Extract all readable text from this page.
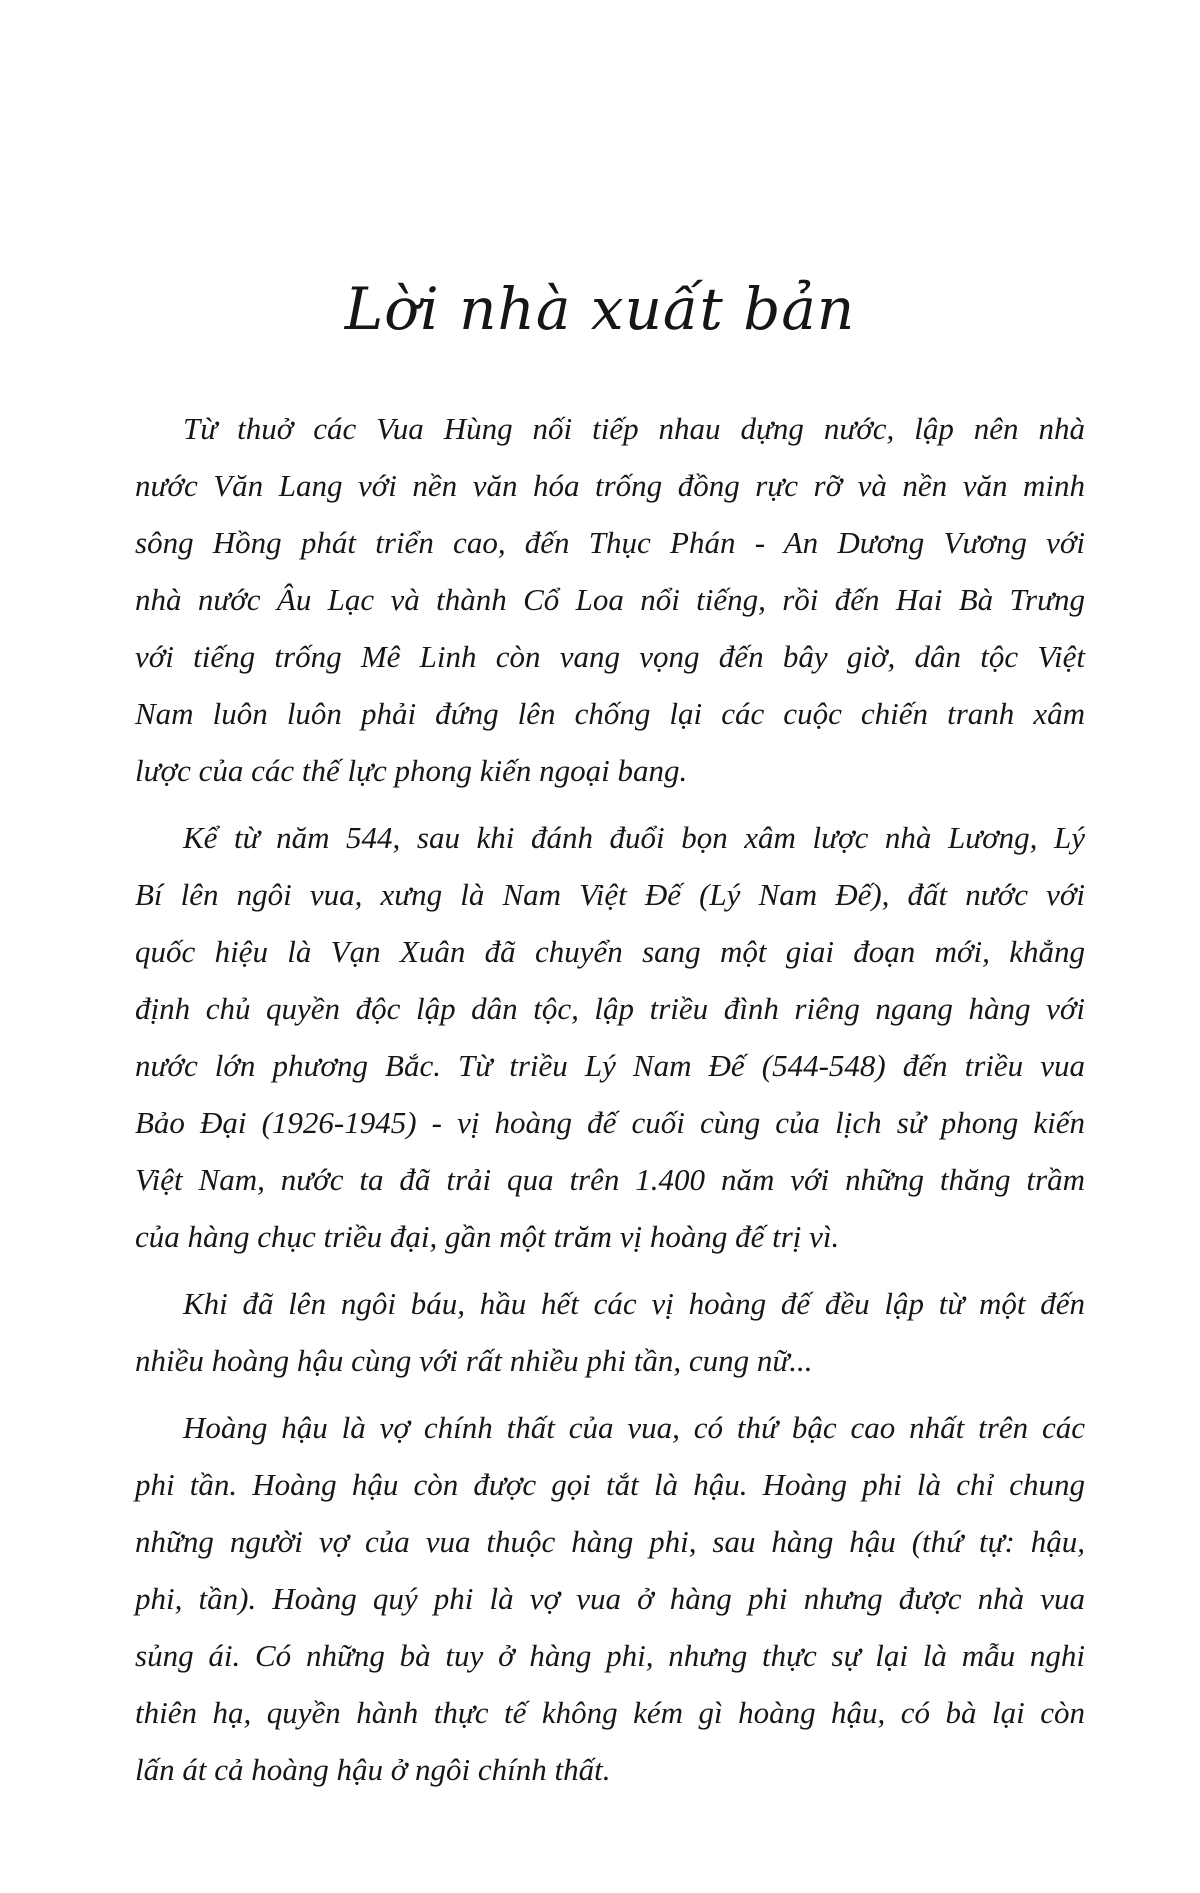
Lời nhà xuất bản
Từ thuở các Vua Hùng nối tiếp nhau dựng nước, lập nên nhà
nước Văn Lang với nền văn hóa trống đồng rực rỡ và nền văn minh
sông Hồng phát triển cao, đến Thục Phán - An Dương Vương với
nhà nước Âu Lạc và thành Cổ Loa nổi tiếng, rồi đến Hai Bà Trưng
với tiếng trống Mê Linh còn vang vọng đến bây giờ, dân tộc Việt
Nam luôn luôn phải đứng lên chống lại các cuộc chiến tranh xâm
lược của các thế lực phong kiến ngoại bang.
Kể từ năm 544, sau khi đánh đuổi bọn xâm lược nhà Lương, Lý
Bí lên ngôi vua, xưng là Nam Việt Đế (Lý Nam Đế), đất nước với
quốc hiệu là Vạn Xuân đã chuyển sang một giai đoạn mới, khẳng
định chủ quyền độc lập dân tộc, lập triều đình riêng ngang hàng với
nước lớn phương Bắc. Từ triều Lý Nam Đế (544-548) đến triều vua
Bảo Đại (1926-1945) - vị hoàng đế cuối cùng của lịch sử phong kiến
Việt Nam, nước ta đã trải qua trên 1.400 năm với những thăng trầm
của hàng chục triều đại, gần một trăm vị hoàng đế trị vì.
Khi đã lên ngôi báu, hầu hết các vị hoàng đế đều lập từ một đến
nhiều hoàng hậu cùng với rất nhiều phi tần, cung nữ...
Hoàng hậu là vợ chính thất của vua, có thứ bậc cao nhất trên các
phi tần. Hoàng hậu còn được gọi tắt là hậu. Hoàng phi là chỉ chung
những người vợ của vua thuộc hàng phi, sau hàng hậu (thứ tự: hậu,
phi, tần). Hoàng quý phi là vợ vua ở hàng phi nhưng được nhà vua
sủng ái. Có những bà tuy ở hàng phi, nhưng thực sự lại là mẫu nghi
thiên hạ, quyền hành thực tế không kém gì hoàng hậu, có bà lại còn
lấn át cả hoàng hậu ở ngôi chính thất.
